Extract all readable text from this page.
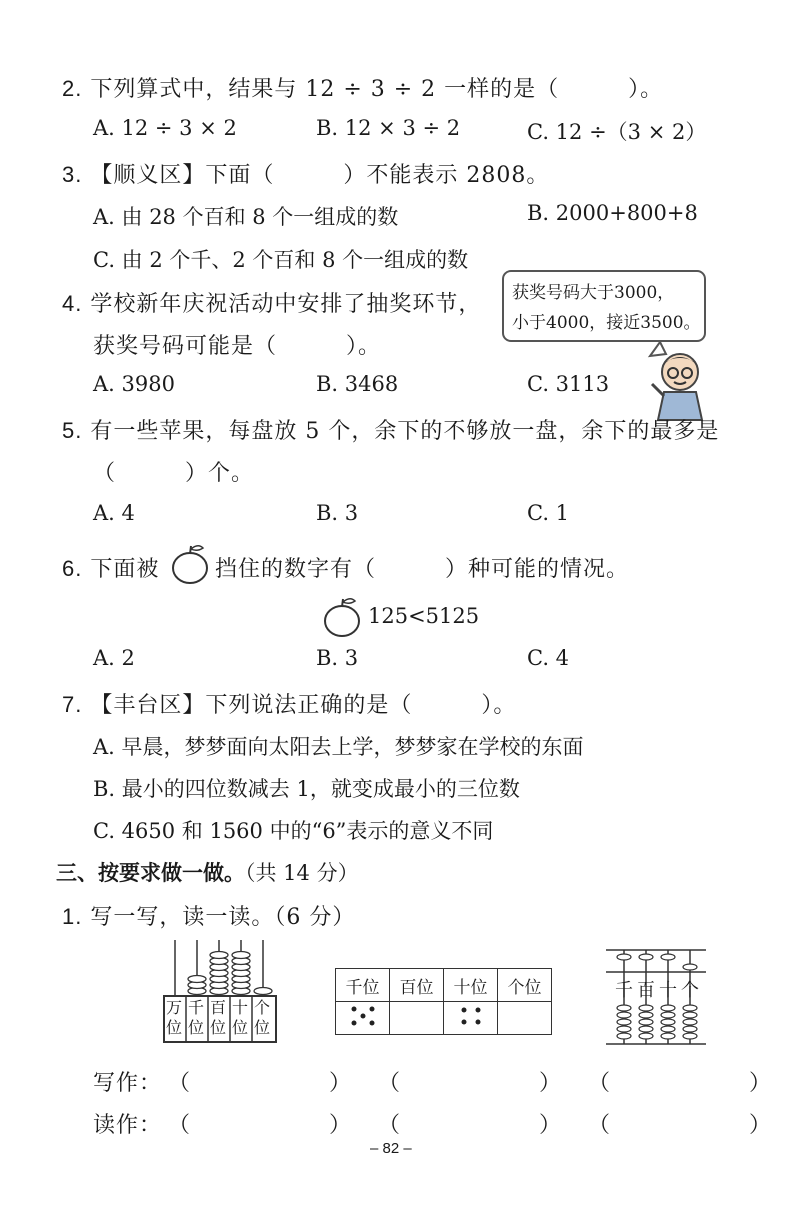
2. 下列算式中，结果与 12 ÷ 3 ÷ 2 一样的是（　　　）。
A. 12 ÷ 3 × 2	B. 12 × 3 ÷ 2	C. 12 ÷（3 × 2）
3. 【顺义区】下面（　　　）不能表示 2808。
A. 由 28 个百和 8 个一组成的数	B. 2000+800+8
C. 由 2 个千、2 个百和 8 个一组成的数
4. 学校新年庆祝活动中安排了抽奖环节，
获奖号码可能是（　　　）。
获奖号码大于3000，
小于4000，接近3500。
A. 3980	B. 3468	C. 3113
5. 有一些苹果，每盘放 5 个，余下的不够放一盘，余下的最多是
（　　　）个。
A. 4	B. 3	C. 1
6. 下面被	挡住的数字有（　　　）种可能的情况。
125<5125
A. 2	B. 3	C. 4
7. 【丰台区】下列说法正确的是（　　　）。
A. 早晨，梦梦面向太阳去上学，梦梦家在学校的东面
B. 最小的四位数减去 1，就变成最小的三位数
C. 4650 和 1560 中的“6”表示的意义不同
三、按要求做一做。（共 14 分）
1. 写一写，读一读。（6 分）
万位
千位
百位
十位
个位
千位	百位	十位	个位
				千 百 十 个
写作： （　　　　　　） （　　　　　　） （　　　　　　）
读作： （　　　　　　） （　　　　　　） （　　　　　　）
– 82 –
